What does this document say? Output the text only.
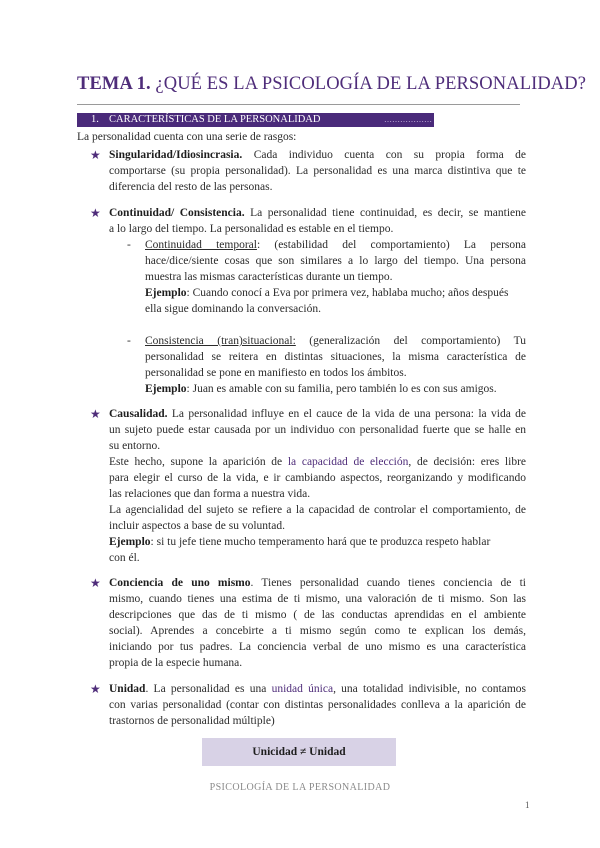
TEMA 1. ¿QUÉ ES LA PSICOLOGÍA DE LA PERSONALIDAD?
1. CARACTERÍSTICAS DE LA PERSONALIDAD	………………
La personalidad cuenta con una serie de rasgos:
★ Singularidad/Idiosincrasia. Cada individuo cuenta con su propia forma de
comportarse (su propia personalidad). La personalidad es una marca distintiva que te
diferencia del resto de las personas.
★ Continuidad/ Consistencia. La personalidad tiene continuidad, es decir, se mantiene
a lo largo del tiempo. La personalidad es estable en el tiempo.
- Continuidad temporal: (estabilidad del comportamiento) La persona
hace/dice/siente cosas que son similares a lo largo del tiempo. Una persona
muestra las mismas características durante un tiempo.
Ejemplo: Cuando conocí a Eva por primera vez, hablaba mucho; años después
ella sigue dominando la conversación.
- Consistencia (tran)situacional: (generalización del comportamiento) Tu
personalidad se reitera en distintas situaciones, la misma característica de
personalidad se pone en manifiesto en todos los ámbitos.
Ejemplo: Juan es amable con su familia, pero también lo es con sus amigos.
★ Causalidad. La personalidad influye en el cauce de la vida de una persona: la vida de
un sujeto puede estar causada por un individuo con personalidad fuerte que se halle en
su entorno.
Este hecho, supone la aparición de la capacidad de elección, de decisión: eres libre
para elegir el curso de la vida, e ir cambiando aspectos, reorganizando y modificando
las relaciones que dan forma a nuestra vida.
La agencialidad del sujeto se refiere a la capacidad de controlar el comportamiento, de
incluir aspectos a base de su voluntad.
Ejemplo: si tu jefe tiene mucho temperamento hará que te produzca respeto hablar
con él.
★ Conciencia de uno mismo. Tienes personalidad cuando tienes conciencia de ti
mismo, cuando tienes una estima de ti mismo, una valoración de ti mismo. Son las
descripciones que das de ti mismo ( de las conductas aprendidas en el ambiente
social). Aprendes a concebirte a ti mismo según como te explican los demás,
iniciando por tus padres. La conciencia verbal de uno mismo es una característica
propia de la especie humana.
★ Unidad. La personalidad es una unidad única, una totalidad indivisible, no contamos
con varias personalidad (contar con distintas personalidades conlleva a la aparición de
trastornos de personalidad múltiple)
Unicidad ≠ Unidad
PSICOLOGÍA DE LA PERSONALIDAD
1
